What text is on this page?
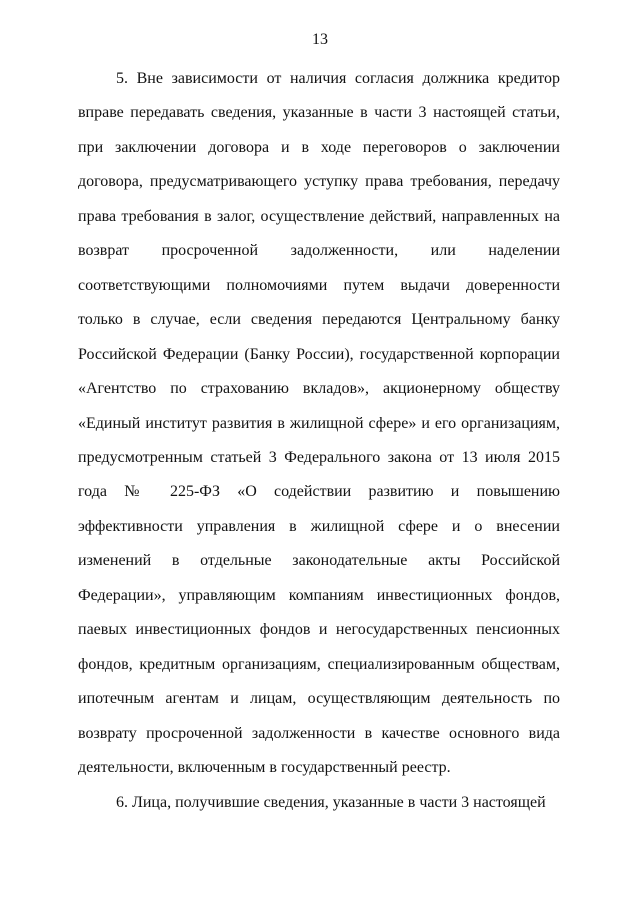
13

5. Вне зависимости от наличия согласия должника кредитор вправе передавать сведения, указанные в части 3 настоящей статьи, при заключении договора и в ходе переговоров о заключении договора, предусматривающего уступку права требования, передачу права требования в залог, осуществление действий, направленных на возврат просроченной задолженности, или наделении соответствующими полномочиями путем выдачи доверенности только в случае, если сведения передаются Центральному банку Российской Федерации (Банку России), государственной корпорации «Агентство по страхованию вкладов», акционерному обществу «Единый институт развития в жилищной сфере» и его организациям, предусмотренным статьей 3 Федерального закона от 13 июля 2015 года № 225-ФЗ «О содействии развитию и повышению эффективности управления в жилищной сфере и о внесении изменений в отдельные законодательные акты Российской Федерации», управляющим компаниям инвестиционных фондов, паевых инвестиционных фондов и негосударственных пенсионных фондов, кредитным организациям, специализированным обществам, ипотечным агентам и лицам, осуществляющим деятельность по возврату просроченной задолженности в качестве основного вида деятельности, включенным в государственный реестр.

6. Лица, получившие сведения, указанные в части 3 настоящей
